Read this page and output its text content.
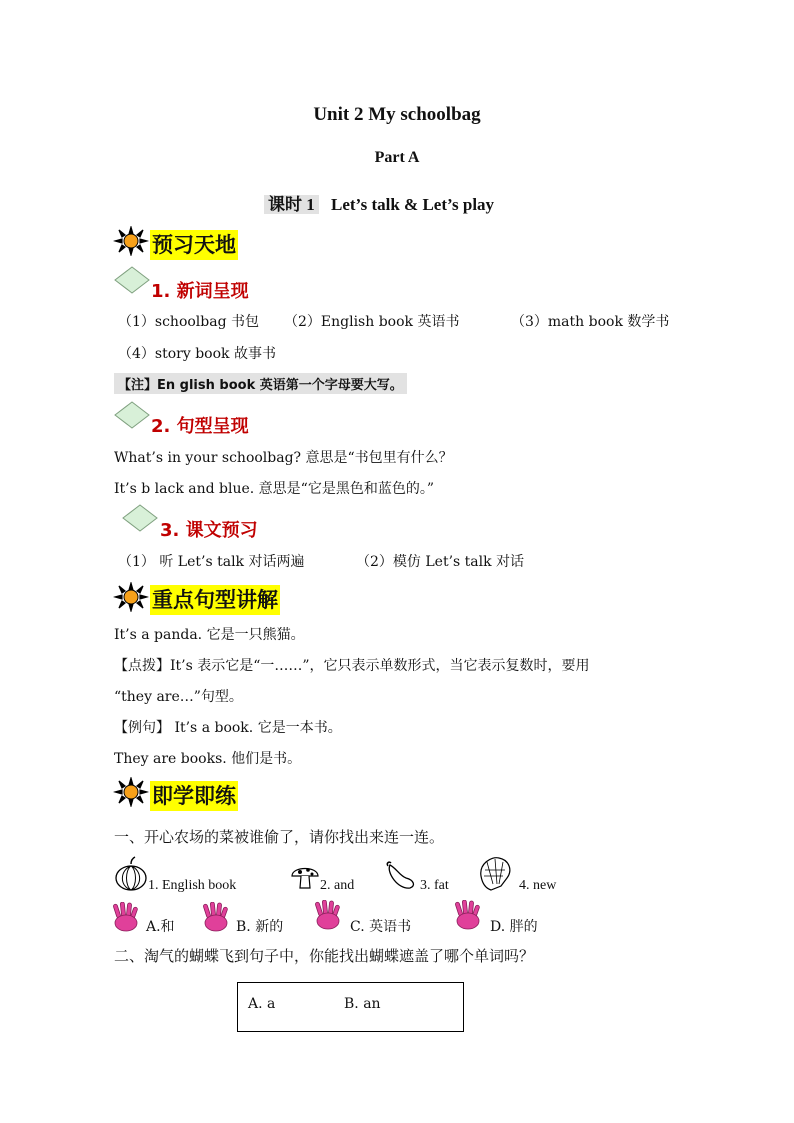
Unit 2 My schoolbag
Part A
课时 1 Let’s talk & Let’s play
预习天地
1. 新词呈现
（1）schoolbag 书包 （2）English book 英语书	（3）math book 数学书
（4）story book 故事书
【注】En glish book 英语第一个字母要大写。
2. 句型呈现
What’s in your schoolbag? 意思是“书包里有什么？
It’s b lack and blue. 意思是“它是黑色和蓝色的。”
3. 课文预习
（1） 听 Let’s talk 对话两遍	（2）模仿 Let’s talk 对话
重点句型讲解
It’s a panda. 它是一只熊猫。
【点拨】It’s 表示它是“一……”，它只表示单数形式，当它表示复数时，要用
“they are…”句型。
【例句】 It’s a book. 它是一本书。
They are books. 他们是书。
即学即练
一、开心农场的菜被谁偷了，请你找出来连一连。
1. English book	2. and	3. fat	4. new
A.和	B. 新的	C. 英语书	D. 胖的
二、淘气的蝴蝶飞到句子中，你能找出蝴蝶遮盖了哪个单词吗？
A. a	B. an
